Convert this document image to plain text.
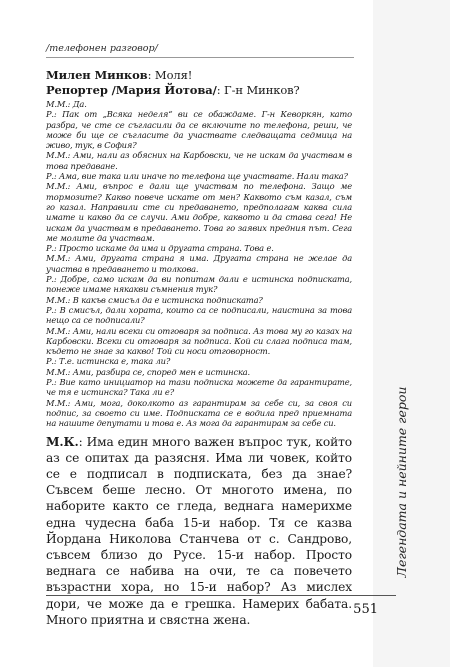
/телефонен разговор/

Милен Минков: Моля!

Репортер /Мария Йотова/: Г-н Минков?

М.М.: Да.

Р.: Пак от „Всяка неделя“ ви се обаждаме. Г-н Кеворкян, като разбра, че сте се съгласили да се включите по телефона, реши, че може би ще се съгласите да участвате следващата седмица на живо, тук, в София?

М.М.: Ами, нали аз обясних на Карбовски, че не искам да участвам в това предаване.

Р.: Ама, вие така или иначе по телефона ще участвате. Нали така?

М.М.: Ами, въпрос е дали ще участвам по телефона. Защо ме тормозите? Какво повече искате от мен? Каквото съм казал, съм го казал. Направили сте си предаването, предполагам каква сила имате и какво да се случи. Ами добре, каквото и да става сега! Не искам да участвам в предаването. Това го заявих предния път. Сега ме молите да участвам.

Р.: Просто искаме да има и другата страна. Това е.

М.М.: Ами, другата страна я има. Другата страна не желае да участва в предаването и толкова.

Р.: Добре, само искам да ви попитам дали е истинска подписката, понеже имаме някакви съмнения тук?

М.М.: В какъв смисъл да е истинска подписката?

Р.: В смисъл, дали хората, които са се подписали, наистина за това нещо са се подписали?

М.М.: Ами, нали всеки си отговаря за подписа. Аз това му го казах на Карбовски. Всеки си отговаря за подписа. Кой си слага подписа там, където не знае за какво! Той си носи отговорност.

Р.: Т.е. истинска е, така ли?

М.М.: Ами, разбира се, според мен е истинска.

Р.: Вие като инициатор на тази подписка можете да гарантирате, че тя е истинска? Така ли е?

М.М.: Ами, мога, доколкото аз гарантирам за себе си, за своя си подпис, за своето си име. Подписката се е водила пред приемната на нашите депутати и това е. Аз мога да гарантирам за себе си.

М.К.: Има един много важен въпрос тук, който аз се опитах да разясня. Има ли човек, който се е подписал в подписката, без да знае? Съвсем беше лесно. От многото имена, по наборите както се гледа, веднага намерихме една чудесна баба 15-и набор. Тя се казва Йордана Николова Станчева от с. Сандрово, съвсем близо до Русе. 15-и набор. Просто веднага се набива на очи, те са повечето възрастни хора, но 15-и набор? Аз мислех дори, че може да е грешка. Намерих бабата. Много приятна и свястна жена.

Легендата и нейните герои
551
